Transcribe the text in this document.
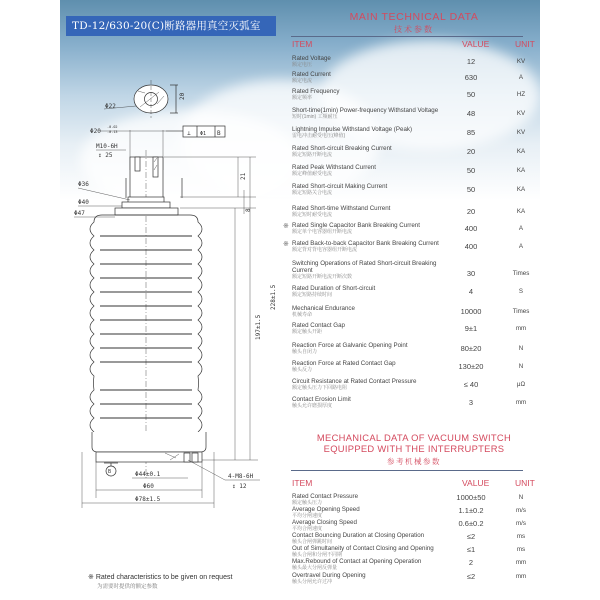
TD-12/630-20(C)断路器用真空灭弧室
Φ22
20
⊥ Φ1 B
Φ20
-0.02
-0.13
M10-6H
↧ 25
21
8
228±1.5
197±1.5
Φ36
Φ40
Φ47
B	Φ44±0.1
Φ60
Φ78±1.5
4-M8-6H
↧ 12
※ Rated characteristics to be given on request
为需要时提供的额定参数
MAIN TECHNICAL DATA
技术参数
ITEM	VALUE	UNIT
Rated Voltage
额定电压	12	KV
Rated Current
额定电流	630	A
Rated Frequency
额定频率	50	HZ
Short-time(1min) Power-frequency Withstand Voltage
短时(1min) 工频耐压	48	KV
Lightning Impulse Withstand Voltage (Peak)
雷电冲击耐受电压(峰值)	85	KV
Rated Short-circuit Breaking Current
额定短路开断电流	20	KA
Rated Peak Withstand Current
额定峰值耐受电流	50	KA
Rated Short-circuit Making Current
额定短路关合电流	50	KA
Rated Short-time Withstand Current
额定短时耐受电流	20	KA
※ Rated Single Capacitor Bank Breaking Current
额定单个电容器组开断电流	400	A
※ Rated Back-to-back Capacitor Bank Breaking Current
额定背对背电容器组开断电流	400	A
Switching Operations of Rated Short-circuit Breaking Current
额定短路开断电流开断次数	30	Times
Rated Duration of Short-circuit
额定短路持续时间	4	S
Mechanical Endurance
机械寿命	10000	Times
Rated Contact Gap
额定触头开距	9±1	mm
Reaction Force at Galvanic Opening Point
触头自闭力	80±20	N
Reaction Force at Rated Contact Gap
触头反力	130±20	N
Circuit Resistance at Rated Contact Pressure
额定触头压力下回路电阻	≤ 40	μΩ
Contact Erosion Limit
触头允许磨损厚度	3	mm
MECHANICAL DATA OF VACUUM SWITCH
EQUIPPED WITH THE INTERRUPTERS
参考机械参数
ITEM	VALUE	UNIT
Rated Contact Pressure
额定触头压力
1000±50	N
Average Opening Speed
平均分闸速度
1.1±0.2	m/s
Average Closing Speed
平均合闸速度
0.6±0.2	m/s
Contact Bouncing Duration at Closing Operation
触头合闸弹跳时间
≤2	ms
Out of Simultaneity of Contact Closing and Opening
触头合闸和分闸不同期
≤1	ms
Max.Rebound of Contact at Opening Operation
触头最大分闸反弹量
2	mm
Overtravel During Opening
触头分闸允许过冲
≤2	mm
